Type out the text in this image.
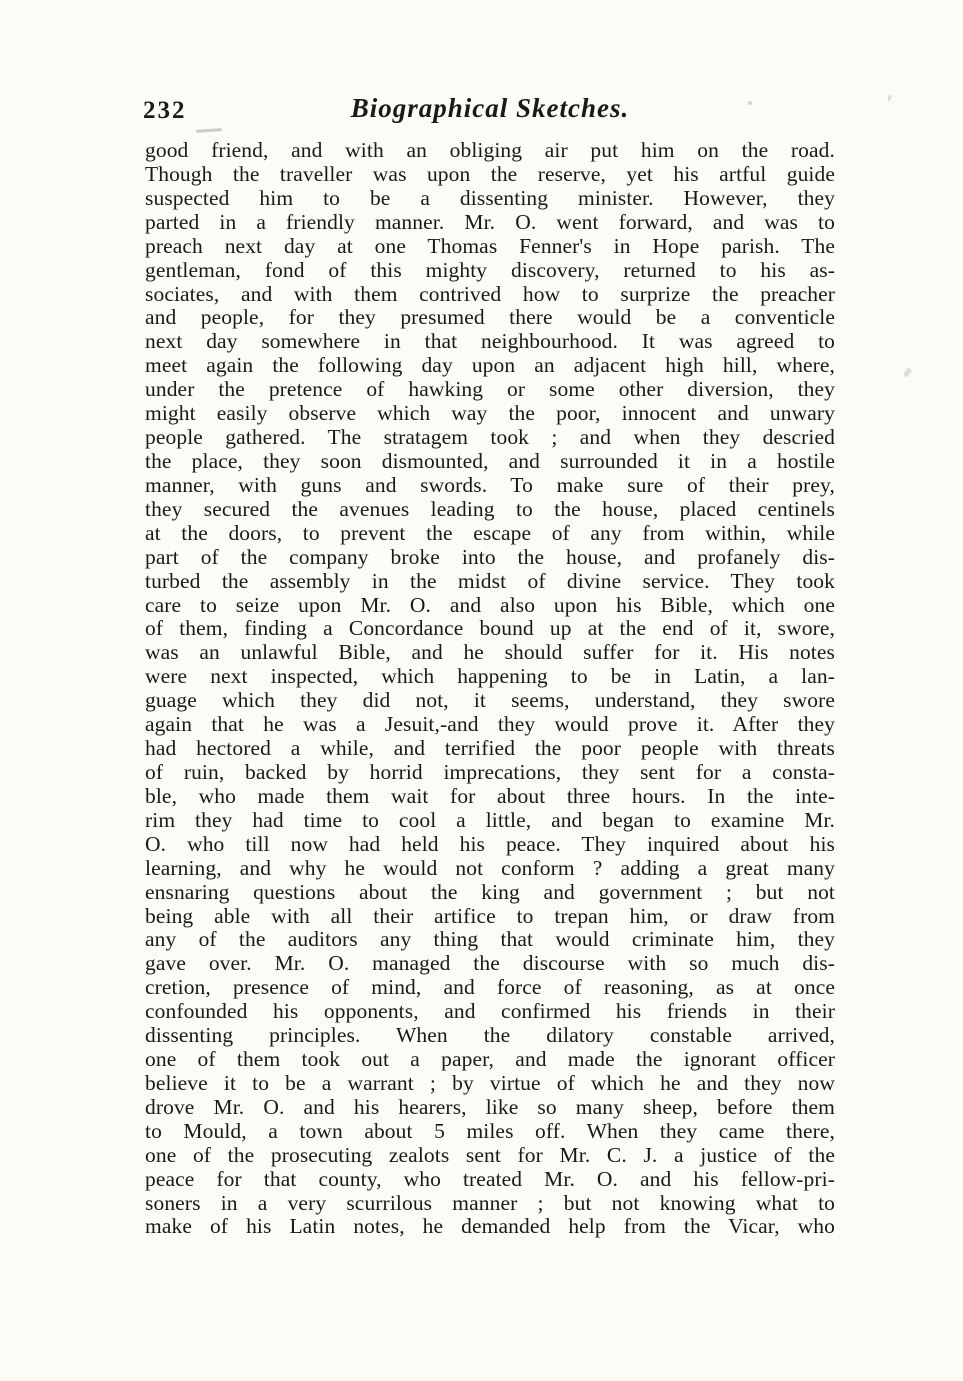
232	Biographical Sketches.
good friend, and with an obliging air put him on the road.
Though the traveller was upon the reserve, yet his artful guide
suspected him to be a dissenting minister. However, they
parted in a friendly manner. Mr. O. went forward, and was to
preach next day at one Thomas Fenner's in Hope parish. The
gentleman, fond of this mighty discovery, returned to his as-
sociates, and with them contrived how to surprize the preacher
and people, for they presumed there would be a conventicle
next day somewhere in that neighbourhood. It was agreed to
meet again the following day upon an adjacent high hill, where,
under the pretence of hawking or some other diversion, they
might easily observe which way the poor, innocent and unwary
people gathered. The stratagem took ; and when they descried
the place, they soon dismounted, and surrounded it in a hostile
manner, with guns and swords. To make sure of their prey,
they secured the avenues leading to the house, placed centinels
at the doors, to prevent the escape of any from within, while
part of the company broke into the house, and profanely dis-
turbed the assembly in the midst of divine service. They took
care to seize upon Mr. O. and also upon his Bible, which one
of them, finding a Concordance bound up at the end of it, swore,
was an unlawful Bible, and he should suffer for it. His notes
were next inspected, which happening to be in Latin, a lan-
guage which they did not, it seems, understand, they swore
again that he was a Jesuit,-and they would prove it. After they
had hectored a while, and terrified the poor people with threats
of ruin, backed by horrid imprecations, they sent for a consta-
ble, who made them wait for about three hours. In the inte-
rim they had time to cool a little, and began to examine Mr.
O. who till now had held his peace. They inquired about his
learning, and why he would not conform ? adding a great many
ensnaring questions about the king and government ; but not
being able with all their artifice to trepan him, or draw from
any of the auditors any thing that would criminate him, they
gave over. Mr. O. managed the discourse with so much dis-
cretion, presence of mind, and force of reasoning, as at once
confounded his opponents, and confirmed his friends in their
dissenting principles. When the dilatory constable arrived,
one of them took out a paper, and made the ignorant officer
believe it to be a warrant ; by virtue of which he and they now
drove Mr. O. and his hearers, like so many sheep, before them
to Mould, a town about 5 miles off. When they came there,
one of the prosecuting zealots sent for Mr. C. J. a justice of the
peace for that county, who treated Mr. O. and his fellow-pri-
soners in a very scurrilous manner ; but not knowing what to
make of his Latin notes, he demanded help from the Vicar, who
